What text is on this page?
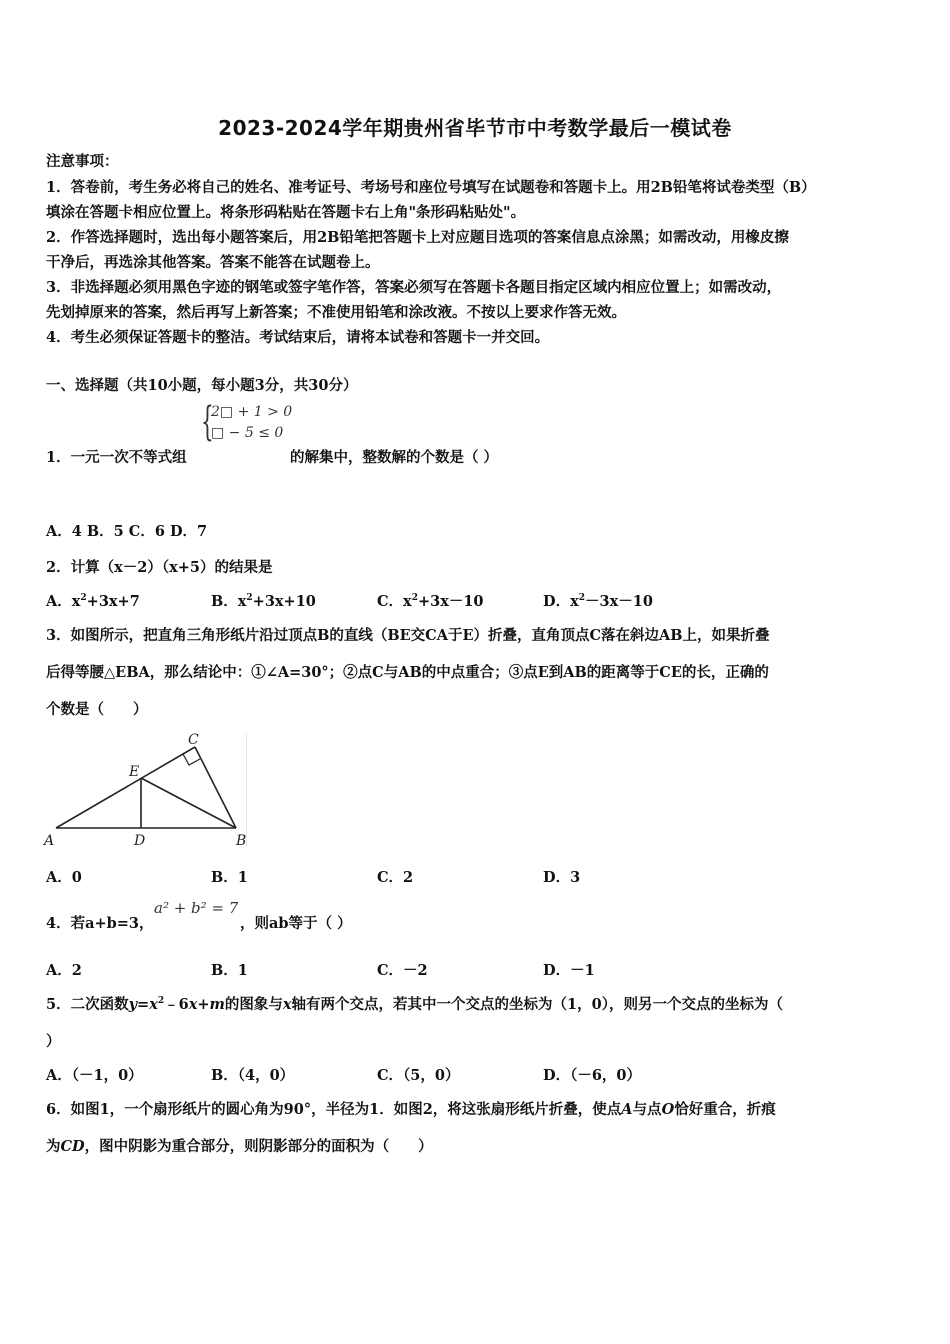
2023-2024学年期贵州省毕节市中考数学最后一模试卷
注意事项：
1．答卷前，考生务必将自己的姓名、准考证号、考场号和座位号填写在试题卷和答题卡上。用2B铅笔将试卷类型（B）
填涂在答题卡相应位置上。将条形码粘贴在答题卡右上角"条形码粘贴处"。
2．作答选择题时，选出每小题答案后，用2B铅笔把答题卡上对应题目选项的答案信息点涂黑；如需改动，用橡皮擦
干净后，再选涂其他答案。答案不能答在试题卷上。
3．非选择题必须用黑色字迹的钢笔或签字笔作答，答案必须写在答题卡各题目指定区域内相应位置上；如需改动，
先划掉原来的答案，然后再写上新答案；不准使用铅笔和涂改液。不按以上要求作答无效。
4．考生必须保证答题卡的整洁。考试结束后，请将本试卷和答题卡一并交回。
一、选择题（共10小题，每小题3分，共30分）
{
2□ + 1 > 0
□ − 5 ≤ 0
1．一元一次不等式组	的解集中，整数解的个数是（ ）
A．4 B．5 C．6 D．7
2．计算（x－2）（x+5）的结果是
A．$x^2+3x+7$	B．$x^2+3x+10$	C．$x^2+3x-10$	D．$x^2-3x-10$
3．如图所示，把直角三角形纸片沿过顶点B的直线（BE交CA于E）折叠，直角顶点C落在斜边AB上，如果折叠
后得等腰△EBA，那么结论中：①∠A=30°；②点C与AB的中点重合；③点E到AB的距离等于CE的长，正确的
个数是（　　）
A	D	B
C
E
A．0	B．1	C．2	D．3
4．若a+b=3，
a² + b² = 7
，则ab等于（ ）
A．2	B．1	C．－2	D．－1
5．二次函数$y=x^2﹣6x+m$的图象与x轴有两个交点，若其中一个交点的坐标为（1，0），则另一个交点的坐标为（
）
A．（－1，0）	B．（4，0）	C．（5，0）	D．（－6，0）
6．如图1，一个扇形纸片的圆心角为90°，半径为1．如图2，将这张扇形纸片折叠，使点A与点O恰好重合，折痕
为CD，图中阴影为重合部分，则阴影部分的面积为（　　）
